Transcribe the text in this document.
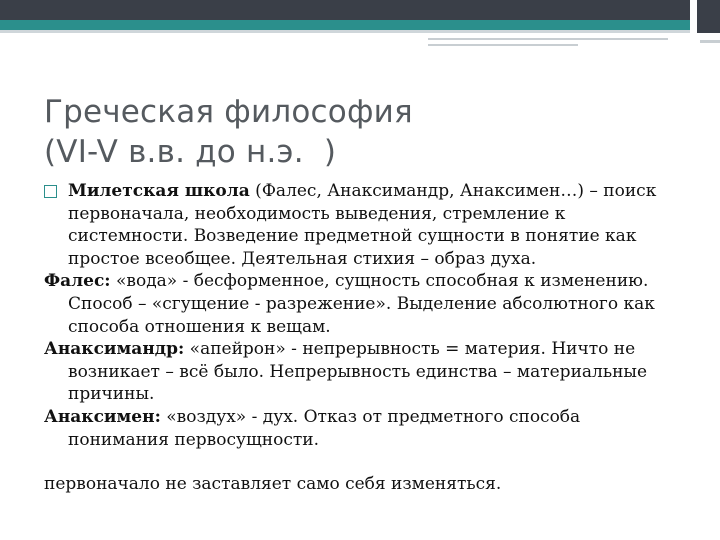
Греческая философия
(VI-V в.в. до н.э.  )

Милетская школа (Фалес, Анаксимандр, Анаксимен…) – поиск первоначала, необходимость выведения, стремление к системности. Возведение предметной сущности в понятие как простое всеобщее. Деятельная стихия – образ духа.

Фалес: «вода» - бесформенное, сущность способная к изменению. Способ – «сгущение - разрежение». Выделение абсолютного как способа отношения к вещам.

Анаксимандр: «апейрон» - непрерывность = материя. Ничто не возникает – всё было. Непрерывность единства – материальные причины.

Анаксимен: «воздух» - дух. Отказ от предметного способа понимания первосущности.

первоначало не заставляет само себя изменяться.
